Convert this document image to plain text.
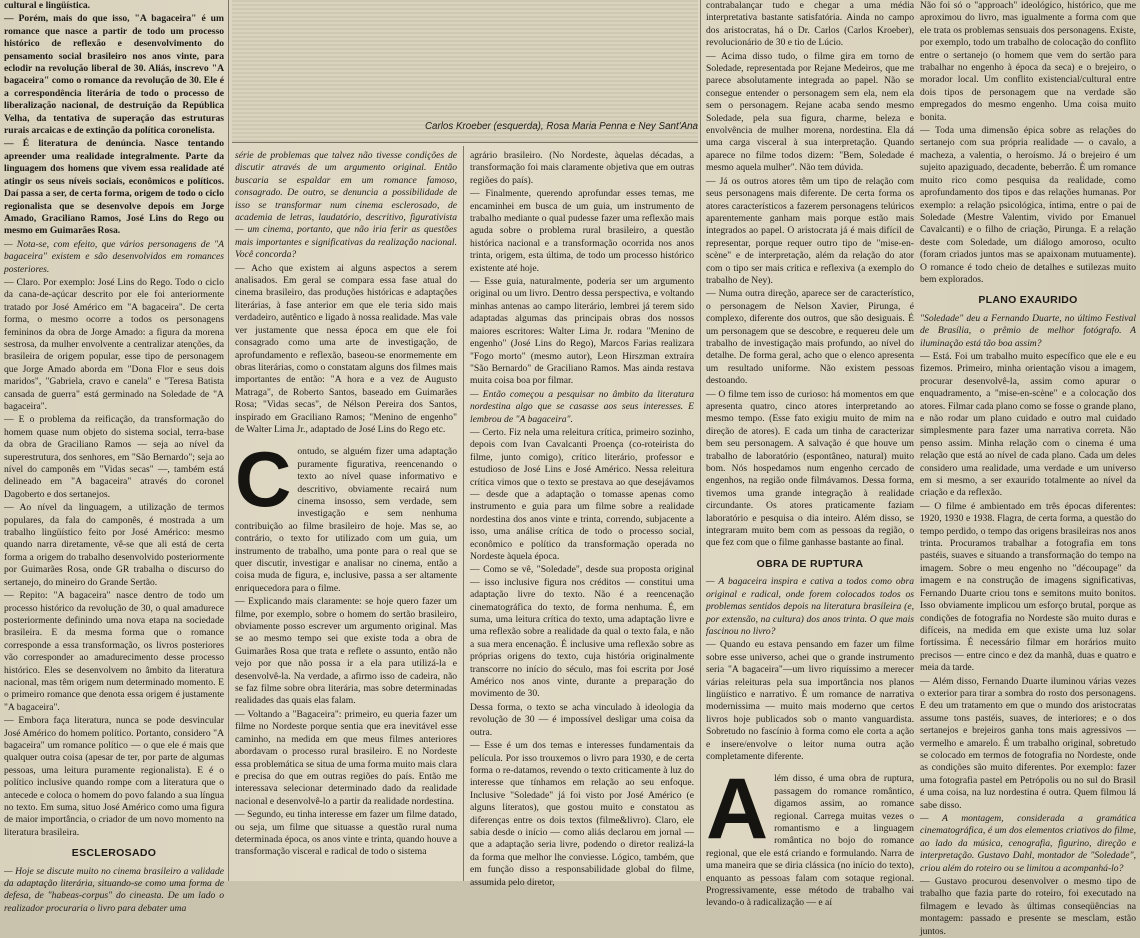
Carlos Kroeber (esquerda), Rosa Maria Penna e Ney Sant'Ana

cultural e lingüística.

— Porém, mais do que isso, "A bagaceira" é um romance que nasce a partir de todo um processo histórico de reflexão e desenvolvimento do pensamento social brasileiro nos anos vinte, para eclodir na revolução liberal de 30. Aliás, inscrevo "A bagaceira" como o romance da revolução de 30. Ele é a correspondência literária de todo o processo de liberalização nacional, de destruição da República Velha, da tentativa de superação das estruturas rurais arcaicas e de extinção da política coronelista.

— É literatura de denúncia. Nasce tentando apreender uma realidade integralmente. Parte da linguagem dos homens que vivem essa realidade até atingir os seus níveis sociais, econômicos e políticos. Daí passa a ser, de certa forma, origem de todo o ciclo regionalista que se desenvolve depois em Jorge Amado, Graciliano Ramos, José Lins do Rego ou mesmo em Guimarães Rosa.

— Nota-se, com efeito, que vários personagens de "A bagaceira" existem e são desenvolvidos em romances posteriores.

— Claro. Por exemplo: José Lins do Rego. Todo o ciclo da cana-de-açúcar descrito por ele foi anteriormente tratado por José Américo em "A bagaceira". De certa forma, o mesmo ocorre a todos os personagens femininos da obra de Jorge Amado: a figura da morena sestrosa, da mulher envolvente a centralizar atenções, da brasileira de origem popular, esse tipo de personagem que Jorge Amado aborda em "Dona Flor e seus dois maridos", "Gabriela, cravo e canela" e "Teresa Batista cansada de guerra" está germinado na Soledade de "A bagaceira".

— E o problema da reificação, da transformação do homem quase num objeto do sistema social, terra-base da obra de Graciliano Ramos — seja ao nível da superestrutura, dos senhores, em "São Bernardo"; seja ao nível do camponês em "Vidas secas" —, também está delineado em "A bagaceira" através do coronel Dagoberto e dos sertanejos.

— Ao nível da linguagem, a utilização de termos populares, da fala do camponês, é mostrada a um trabalho lingüístico feito por José Américo: mesmo quando narra diretamente, vê-se que ali está de certa forma a origem do trabalho desenvolvido posteriormente por Guimarães Rosa, onde GR trabalha o discurso do sertanejo, do mineiro do Grande Sertão.

— Repito: "A bagaceira" nasce dentro de todo um processo histórico da revolução de 30, o qual amadurece posteriormente definindo uma nova etapa na sociedade brasileira. E da mesma forma que o romance corresponde a essa transformação, os livros posteriores vão corresponder ao amadurecimento desse processo histórico. Eles se desenvolvem no âmbito da literatura nacional, mas têm origem num determinado momento. E o primeiro romance que denota essa origem é justamente "A bagaceira".

— Embora faça literatura, nunca se pode desvincular José Américo do homem político. Portanto, considero "A bagaceira" um romance político — o que ele é mais que qualquer outra coisa (apesar de ter, por parte de algumas pessoas, uma leitura puramente regionalista). E é o político inclusive quando rompe com a literatura que o antecede e coloca o homem do povo falando a sua língua no texto. Em suma, situo José Américo como uma figura de maior importância, o criador de um novo momento na literatura brasileira.

ESCLEROSADO

— Hoje se discute muito no cinema brasileiro a validade da adaptação literária, situando-se como uma forma de defesa, de "habeas-corpus" do cineasta. De um lado o realizador procuraria o livro para debater uma

série de problemas que talvez não tivesse condições de discutir através de um argumento original. Então buscaria se espaldar em um romance famoso, consagrado. De outro, se denuncia a possibilidade de isso se transformar num cinema esclerosado, de academia de letras, laudatório, descritivo, figurativista — um cinema, portanto, que não iria ferir as questões mais importantes e significativas da realização nacional. Você concorda?

— Acho que existem ai alguns aspectos a serem analisados. Em geral se compara essa fase atual do cinema brasileiro, das produções históricas e adaptações literárias, à fase anterior em que ele teria sido mais verdadeiro, autêntico e ligado à nossa realidade. Mas vale ver justamente que nessa época em que ele foi consagrado como uma arte de investigação, de aprofundamento e reflexão, baseou-se enormemente em obras literárias, como o constatam alguns dos filmes mais importantes de então: "A hora e a vez de Augusto Matraga", de Roberto Santos, baseado em Guimarães Rosa; "Vidas secas", de Nélson Pereira dos Santos, inspirado em Graciliano Ramos; "Menino de engenho" de Walter Lima Jr., adaptado de José Lins do Rego etc.

Contudo, se alguém fizer uma adaptação puramente figurativa, reencenando o texto ao nível quase informativo e descritivo, obviamente recairá num cinema insosso, sem verdade, sem investigação e sem nenhuma contribuição ao filme brasileiro de hoje. Mas se, ao contrário, o texto for utilizado com um guia, um instrumento de trabalho, uma ponte para o real que se quer discutir, investigar e analisar no cinema, então a coisa muda de figura, e, inclusive, passa a ser altamente enriquecedora para o filme.

— Explicando mais claramente: se hoje quero fazer um filme, por exemplo, sobre o homem do sertão brasileiro, obviamente posso escrever um argumento original. Mas se ao mesmo tempo sei que existe toda a obra de Guimarães Rosa que trata e reflete o assunto, então não vejo por que não possa ir a ela para utilizá-la e desenvolvê-la. Na verdade, a afirmo isso de cadeira, não se faz filme sobre obra literária, mas sobre determinadas realidades das quais elas falam.

— Voltando a "Bagaceira": primeiro, eu queria fazer um filme no Nordeste porque sentia que era inevitável esse caminho, na medida em que meus filmes anteriores abordavam o processo rural brasileiro. E no Nordeste essa problemática se situa de uma forma muito mais clara e precisa do que em outras regiões do país. Então me interessava selecionar determinado dado da realidade nacional e desenvolvê-lo a partir da realidade nordestina.

— Segundo, eu tinha interesse em fazer um filme datado, ou seja, um filme que situasse a questão rural numa determinada época, os anos vinte e trinta, quando houve a transformação visceral e radical de todo o sistema

agrário brasileiro. (No Nordeste, àquelas décadas, a transformação foi mais claramente objetiva que em outras regiões do país).

— Finalmente, querendo aprofundar esses temas, me encaminhei em busca de um guia, um instrumento de trabalho mediante o qual pudesse fazer uma reflexão mais aguda sobre o problema rural brasileiro, a questão histórica nacional e a transformação ocorrida nos anos trinta, origem, esta última, de todo um processo histórico existente até hoje.

— Esse guia, naturalmente, poderia ser um argumento original ou um livro. Dentro dessa perspectiva, e voltando minhas antenas ao campo literário, lembrei já terem sido adaptadas algumas das principais obras dos nossos maiores escritores: Walter Lima Jr. rodara "Menino de engenho" (José Lins do Rego), Marcos Farias realizara "Fogo morto" (mesmo autor), Leon Hirszman extraíra "São Bernardo" de Graciliano Ramos. Mas ainda restava muita coisa boa por filmar.

— Então começou a pesquisar no âmbito da literatura nordestina algo que se casasse aos seus interesses. E lembrou de "A bagaceira".

— Certo. Fiz nela uma releitura crítica, primeiro sozinho, depois com Ivan Cavalcanti Proença (co-roteirista do filme, junto comigo), crítico literário, professor e estudioso de José Lins e José Américo. Nessa releitura crítica vimos que o texto se prestava ao que desejávamos — desde que a adaptação o tomasse apenas como instrumento e guia para um filme sobre a realidade nordestina dos anos vinte e trinta, correndo, subjacente a isso, uma análise crítica de todo o processo social, econômico e político da transformação operada no Nordeste àquela época.

— Como se vê, "Soledade", desde sua proposta original — isso inclusive figura nos créditos — constitui uma adaptação livre do texto. Não é a reencenação cinematográfica do texto, de forma nenhuma. É, em suma, uma leitura crítica do texto, uma adaptação livre e uma reflexão sobre a realidade da qual o texto fala, e não a sua mera encenação. É inclusive uma reflexão sobre as próprias origens do texto, cuja história originalmente transcorre no início do século, mas foi escrita por José Américo nos anos vinte, durante a preparação do movimento de 30.

Dessa forma, o texto se acha vinculado à ideologia da revolução de 30 — é impossível desligar uma coisa da outra.

— Esse é um dos temas e interesses fundamentais da película. Por isso trouxemos o livro para 1930, e de certa forma o re-datamos, revendo o texto criticamente à luz do interesse que tínhamos em relação ao seu enfoque. Inclusive "Soledade" já foi visto por José Américo (e alguns literatos), que gostou muito e constatou as diferenças entre os dois textos (filme&livro). Claro, ele sabia desde o início — como aliás declarou em jornal — que a adaptação seria livre, podendo o diretor realizá-la da forma que melhor lhe conviesse. Lógico, também, que em função disso a responsabilidade global do filme, assumida pelo diretor,

contrabalançar tudo e chegar a uma média interpretativa bastante satisfatória. Ainda no campo dos aristocratas, há o Dr. Carlos (Carlos Kroeber), revolucionário de 30 e tio de Lúcio.

— Acima disso tudo, o filme gira em torno de Soledade, representada por Rejane Medeiros, que me parece absolutamente integrada ao papel. Não se consegue entender o personagem sem ela, nem ela sem o personagem. Rejane acaba sendo mesmo Soledade, pela sua figura, charme, beleza e envolvência de mulher morena, nordestina. Ela dá uma carga visceral à sua interpretação. Quando aparece no filme todos dizem: "Bem, Soledade é mesmo aquela mulher". Não tem dúvida.

— Já os outros atores têm um tipo de relação com seus personagens mais diferente. De certa forma os atores característicos a fazerem personagens telúricos aparentemente ganham mais porque estão mais integrados ao papel. O aristocrata já é mais difícil de representar, porque requer outro tipo de "mise-en-scène" e de interpretação, além da relação do ator com o tipo ser mais crítica e reflexiva (a exemplo do trabalho de Ney).

— Numa outra direção, aparece ser de característico, o personagem de Nelson Xavier, Pirunga, é complexo, diferente dos outros, que são desiguais. É um personagem que se descobre, e requereu dele um trabalho de investigação mais profundo, ao nível do detalhe. De forma geral, acho que o elenco apresenta um resultado uniforme. Não existem pessoas destoando.

— O filme tem isso de curioso: há momentos em que apresenta quatro, cinco atores interpretando ao mesmo tempo. (Esse fato exigiu muito de mim na direção de atores). E cada um tinha de caracterizar bem seu personagem. A salvação é que houve um trabalho de laboratório (espontâneo, natural) muito bom. Nós hospedamos num engenho cercado de engenhos, na região onde filmávamos. Dessa forma, tivemos uma grande integração à realidade circundante. Os atores praticamente faziam laboratório e pesquisa o dia inteiro. Além disso, se integraram muito bem com as pessoas da região, o que fez com que o filme ganhasse bastante ao final.

OBRA DE RUPTURA

— A bagaceira inspira e cativa a todos como obra original e radical, onde forem colocados todos os problemas sentidos depois na literatura brasileira (e, por extensão, na cultura) dos anos trinta. O que mais fascinou no livro?

— Quando eu estava pensando em fazer um filme sobre esse universo, achei que o grande instrumento seria "A bagaceira"—um livro riquíssimo a merecer várias releituras pela sua importância nos planos lingüístico e narrativo. É um romance de narrativa modernissima — muito mais moderno que certos livros hoje publicados sob o manto vanguardista. Sobretudo no fascínio à forma como ele corta a ação e insere/envolve o leitor numa outra ação completamente diferente.

Além disso, é uma obra de ruptura, passagem do romance romântico, digamos assim, ao romance regional. Carrega muitas vezes o romantismo e a linguagem romântica no bojo do romance regional, que ele está criando e formulando. Narra de uma maneira que se diria clássica (no início do texto), enquanto as pessoas falam com sotaque regional. Progressivamente, esse método de trabalho vai levando-o à radicalização — e aí

Não foi só o "approach" ideológico, histórico, que me aproximou do livro, mas igualmente a forma com que ele trata os problemas sensuais dos personagens. Existe, por exemplo, todo um trabalho de colocação do conflito entre o sertanejo (o homem que vem do sertão para trabalhar no engenho à época da seca) e o brejeiro, o morador local. Um conflito existencial/cultural entre dois tipos de personagem que na verdade são empregados do mesmo engenho. Uma coisa muito bonita.

— Toda uma dimensão épica sobre as relações do sertanejo com sua própria realidade — o cavalo, a macheza, a valentia, o heroísmo. Já o brejeiro é um sujeito apaziguado, decadente, beberrão. É um romance muito rico como pesquisa da realidade, como aprofundamento dos tipos e das relações humanas. Por exemplo: a relação psicológica, íntima, entre o pai de Soledade (Mestre Valentim, vivido por Emanuel Cavalcanti) e o filho de criação, Pirunga. E a relação deste com Soledade, um diálogo amoroso, oculto (foram criados juntos mas se apaixonam mutuamente). O romance é todo cheio de detalhes e sutilezas muito bem explorados.

PLANO EXAURIDO

"Soledade" deu a Fernando Duarte, no último Festival de Brasília, o prêmio de melhor fotógrafo. A iluminação está tão boa assim?

— Está. Foi um trabalho muito específico que ele e eu fizemos. Primeiro, minha orientação visou a imagem, procurar desenvolvê-la, assim como apurar o enquadramento, a "mise-en-scène" e a colocação dos atores. Filmar cada plano como se fosse o grande plano, e não rodar um plano cuidado e outro mal cuidado simplesmente para fazer uma narrativa correta. Não penso assim. Minha relação com o cinema é uma relação que está ao nível de cada plano. Cada um deles considero uma realidade, uma verdade e um universo em si mesmo, a ser exaurido totalmente ao nível da criação e da reflexão.

— O filme é ambientado em três épocas diferentes: 1920, 1930 e 1938. Flagra, de certa forma, a questão do tempo perdido, o tempo das origens brasileiras nos anos trinta. Procuramos trabalhar a fotografia em tons pastéis, suaves e situando a transformação do tempo na imagem. Sobre o meu engenho no "découpage" da imagem e na construção de imagens significativas, Fernando Duarte criou tons e semitons muito bonitos. Isso obviamente implicou um esforço brutal, porque as condições de fotografia no Nordeste são muito duras e difíceis, na medida em que existe uma luz solar fortíssima. É necessário filmar em horários muito precisos — entre cinco e dez da manhã, duas e quatro e meia da tarde.

— Além disso, Fernando Duarte iluminou várias vezes o exterior para tirar a sombra do rosto dos personagens. E deu um tratamento em que o mundo dos aristocratas assume tons pastéis, suaves, de interiores; e o dos sertanejos e brejeiros ganha tons mais agressivos — vermelho e amarelo. É um trabalho original, sobretudo se colocado em termos de fotografia no Nordeste, onde as condições são muito diferentes. Por exemplo: fazer uma fotografia pastel em Petrópolis ou no sul do Brasil é uma coisa, na luz nordestina é outra. Quem filmou lá sabe disso.

— A montagem, considerada a gramática cinematográfica, é um dos elementos criativos do filme, ao lado da música, cenografia, figurino, direção e interpretação. Gustavo Dahl, montador de "Soledade", criou além do roteiro ou se limitou a acompanhá-lo?

— Gustavo procurou desenvolver o mesmo tipo de trabalho que fazia parte do roteiro, foi executado na filmagem e levado às últimas conseqüências na montagem: passado e presente se mesclam, estão juntos.
